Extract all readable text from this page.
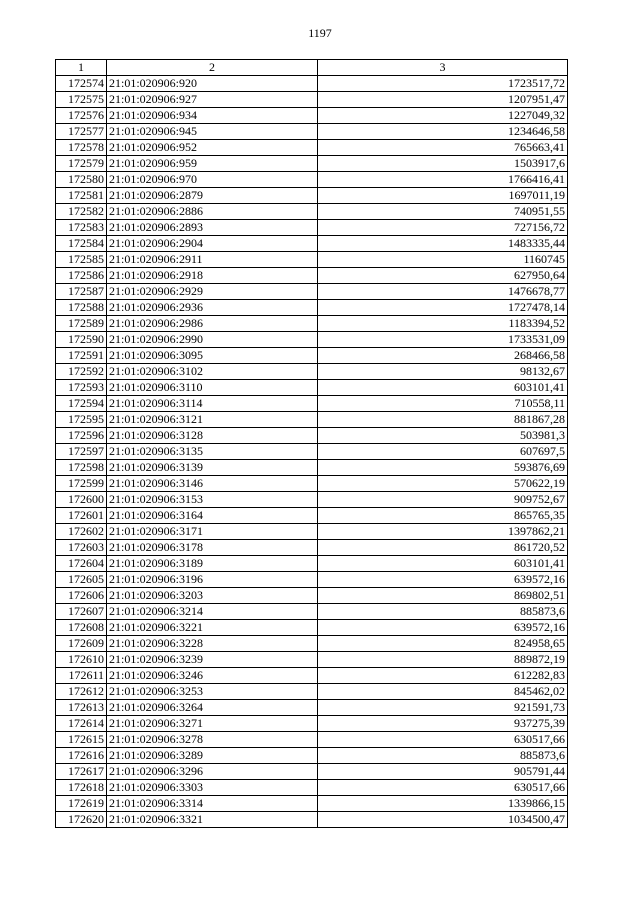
1197
1	2	3
172574	21:01:020906:920	1723517,72
172575	21:01:020906:927	1207951,47
172576	21:01:020906:934	1227049,32
172577	21:01:020906:945	1234646,58
172578	21:01:020906:952	765663,41
172579	21:01:020906:959	1503917,6
172580	21:01:020906:970	1766416,41
172581	21:01:020906:2879	1697011,19
172582	21:01:020906:2886	740951,55
172583	21:01:020906:2893	727156,72
172584	21:01:020906:2904	1483335,44
172585	21:01:020906:2911	1160745
172586	21:01:020906:2918	627950,64
172587	21:01:020906:2929	1476678,77
172588	21:01:020906:2936	1727478,14
172589	21:01:020906:2986	1183394,52
172590	21:01:020906:2990	1733531,09
172591	21:01:020906:3095	268466,58
172592	21:01:020906:3102	98132,67
172593	21:01:020906:3110	603101,41
172594	21:01:020906:3114	710558,11
172595	21:01:020906:3121	881867,28
172596	21:01:020906:3128	503981,3
172597	21:01:020906:3135	607697,5
172598	21:01:020906:3139	593876,69
172599	21:01:020906:3146	570622,19
172600	21:01:020906:3153	909752,67
172601	21:01:020906:3164	865765,35
172602	21:01:020906:3171	1397862,21
172603	21:01:020906:3178	861720,52
172604	21:01:020906:3189	603101,41
172605	21:01:020906:3196	639572,16
172606	21:01:020906:3203	869802,51
172607	21:01:020906:3214	885873,6
172608	21:01:020906:3221	639572,16
172609	21:01:020906:3228	824958,65
172610	21:01:020906:3239	889872,19
172611	21:01:020906:3246	612282,83
172612	21:01:020906:3253	845462,02
172613	21:01:020906:3264	921591,73
172614	21:01:020906:3271	937275,39
172615	21:01:020906:3278	630517,66
172616	21:01:020906:3289	885873,6
172617	21:01:020906:3296	905791,44
172618	21:01:020906:3303	630517,66
172619	21:01:020906:3314	1339866,15
172620	21:01:020906:3321	1034500,47
